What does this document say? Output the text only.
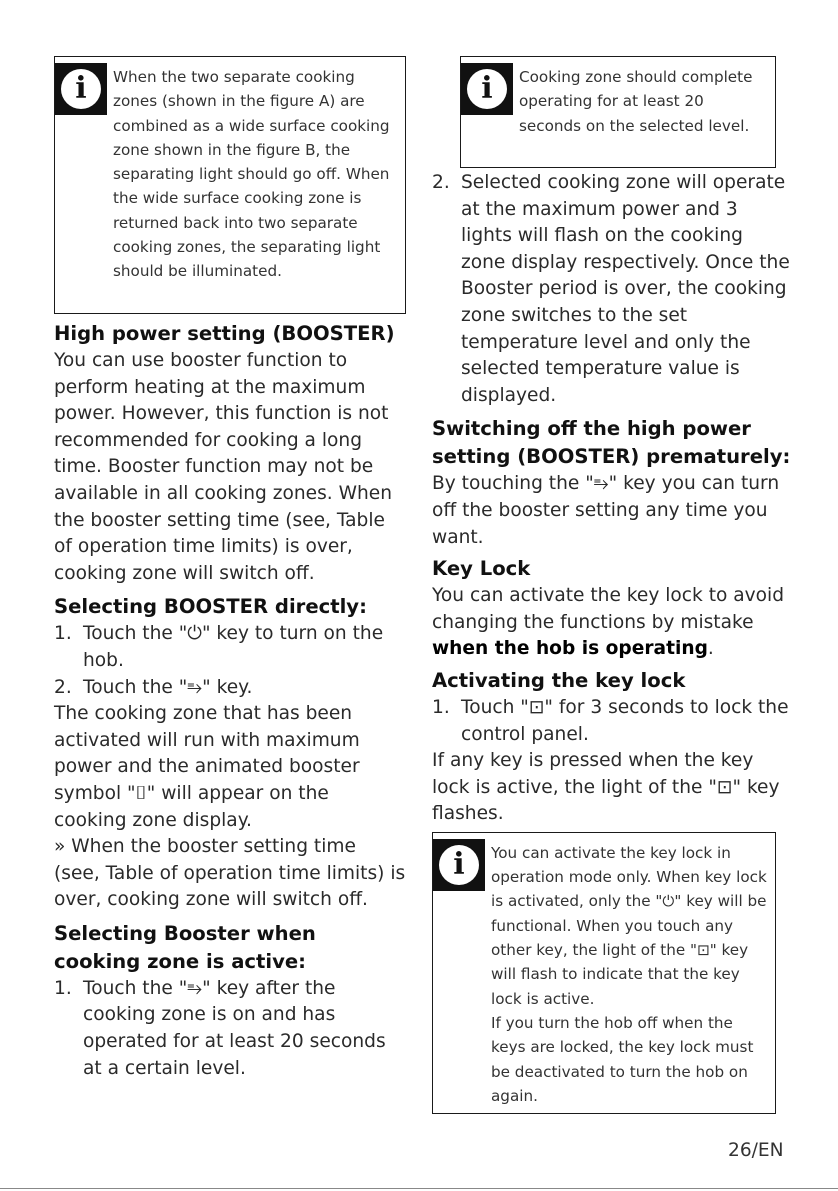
i	When the two separate cooking zones (shown in the figure A) are combined as a wide surface cooking zone shown in the figure B, the separating light should go off. When the wide surface cooking zone is returned back into two separate cooking zones, the separating light should be illuminated.

High power setting (BOOSTER)

You can use booster function to perform heating at the maximum power. However, this function is not recommended for cooking a long time. Booster function may not be available in all cooking zones. When the booster setting time (see, Table of operation time limits) is over, cooking zone will switch off.

Selecting BOOSTER directly:
1. Touch the "⏻" key to turn on the hob.
2. Touch the "⥱" key.

The cooking zone that has been activated will run with maximum power and the animated booster symbol "⌷" will appear on the cooking zone display.

» When the booster setting time (see, Table of operation time limits) is over, cooking zone will switch off.

Selecting Booster when cooking zone is active:
1. Touch the "⥱" key after the cooking zone is on and has operated for at least 20 seconds at a certain level.
i	Cooking zone should complete operating for at least 20 seconds on the selected level.

2. Selected cooking zone will operate at the maximum power and 3 lights will flash on the cooking zone display respectively. Once the Booster period is over, the cooking zone switches to the set temperature level and only the selected temperature value is displayed.
Switching off the high power setting (BOOSTER) prematurely:

By touching the "⥱" key you can turn off the booster setting any time you want.

Key Lock

You can activate the key lock to avoid changing the functions by mistake when the hob is operating.

Activating the key lock
1. Touch "⊡" for 3 seconds to lock the control panel.

If any key is pressed when the key lock is active, the light of the "⊡" key flashes.

i	You can activate the key lock in operation mode only. When key lock is activated, only the "⏻" key will be functional. When you touch any other key, the light of the "⊡" key will flash to indicate that the key lock is active.

If you turn the hob off when the keys are locked, the key lock must be deactivated to turn the hob on again.

26/EN
